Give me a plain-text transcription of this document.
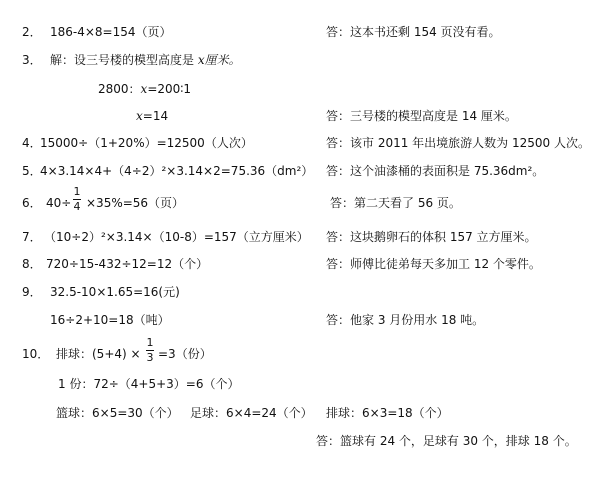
2． 186-4×8=154（页）	答：这本书还剩 154 页没有看。
3． 解：设三号楼的模型高度是 x厘米。
2800：x=200∶1
x=14	答：三号楼的模型高度是 14 厘米。
4．
15000÷（1+20%）=12500（人次）	答：该市 2011 年出境旅游人数为 12500 人次。
5．
4×3.14×4+（4÷2）²×3.14×2=75.36（dm²） 答：这个油漆桶的表面积是 75.36dm²。
6． 40÷
1
4 ×35%=56（页）	答：第二天看了 56 页。
7． （10÷2）²×3.14×（10-8）=157（立方厘米） 答：这块鹅卵石的体积 157 立方厘米。
8． 720÷15-432÷12=12（个）	答：师傅比徒弟每天多加工 12 个零件。
9． 32.5-10×1.65=16(元)
16÷2+10=18（吨）	答：他家 3 月份用水 18 吨。
10． 排球：(5+4) ×
1
3 =3（份）
1 份：72÷（4+5+3）=6（个）
篮球：6×5=30（个） 足球：6×4=24（个） 排球：6×3=18（个）
答：篮球有 24 个，足球有 30 个，排球 18 个。
